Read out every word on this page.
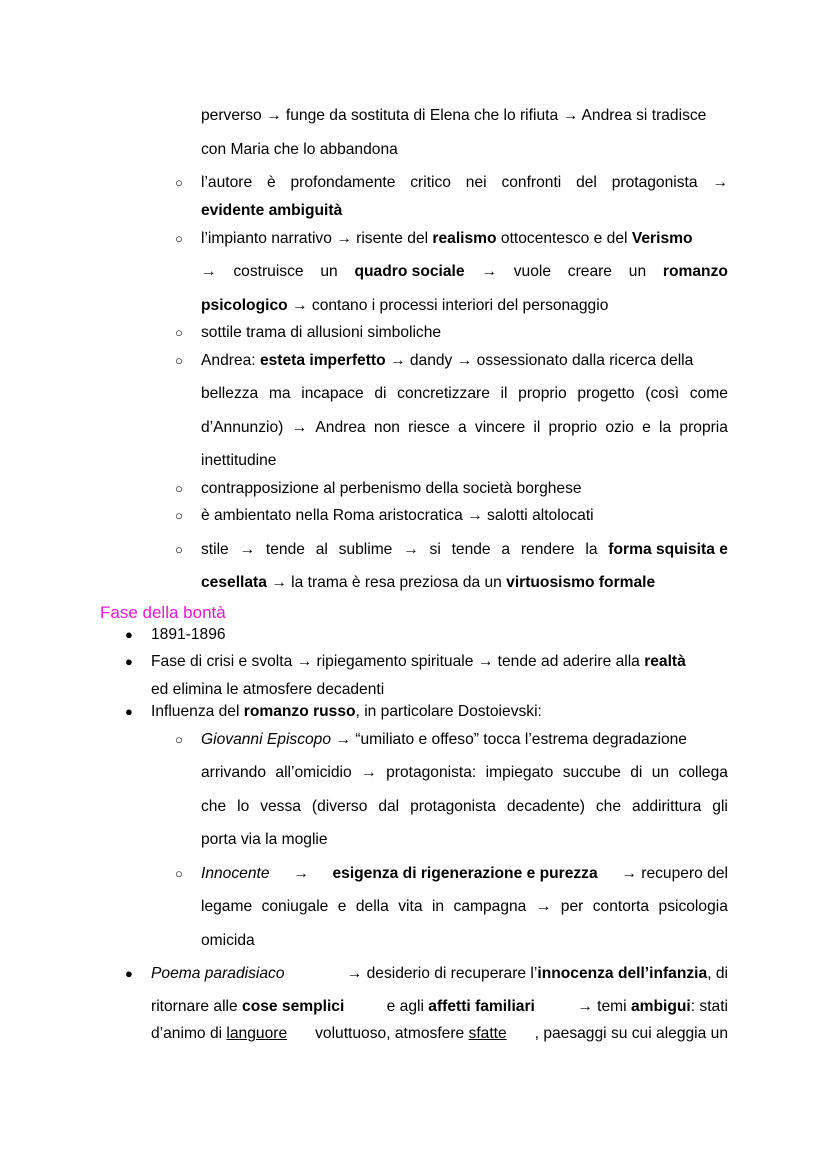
perverso → funge da sostituta di Elena che lo rifiuta → Andrea si tradisce
con Maria che lo abbandona
○ l’autore è profondamente critico nei confronti del protagonista →
evidente ambiguità
○ l’impianto narrativo → risente del realismo ottocentesco e del Verismo
→ costruisce un quadro sociale → vuole creare un romanzo
psicologico → contano i processi interiori del personaggio
○ sottile trama di allusioni simboliche
○ Andrea: esteta imperfetto → dandy → ossessionato dalla ricerca della
bellezza ma incapace di concretizzare il proprio progetto (così come
d’Annunzio) → Andrea non riesce a vincere il proprio ozio e la propria
inettitudine
○ contrapposizione al perbenismo della società borghese
○ è ambientato nella Roma aristocratica → salotti altolocati
○ stile → tende al sublime → si tende a rendere la forma squisita e
cesellata → la trama è resa preziosa da un virtuosismo formale
Fase della bontà
● 1891-1896
● Fase di crisi e svolta → ripiegamento spirituale → tende ad aderire alla realtà
ed elimina le atmosfere decadenti
● Influenza del romanzo russo, in particolare Dostoievski:
○ Giovanni Episcopo → “umiliato e offeso” tocca l’estrema degradazione
arrivando all’omicidio → protagonista: impiegato succube di un collega
che lo vessa (diverso dal protagonista decadente) che addirittura gli
porta via la moglie
○ Innocente → esigenza di rigenerazione e purezza → recupero del
legame coniugale e della vita in campagna → per contorta psicologia
omicida
● Poema paradisiaco	→ desiderio di recuperare l’innocenza dell’infanzia, di
ritornare alle cose semplici	e agli affetti familiari	→ temi ambigui: stati
d’animo di languore voluttuoso, atmosfere sfatte , paesaggi su cui aleggia un
